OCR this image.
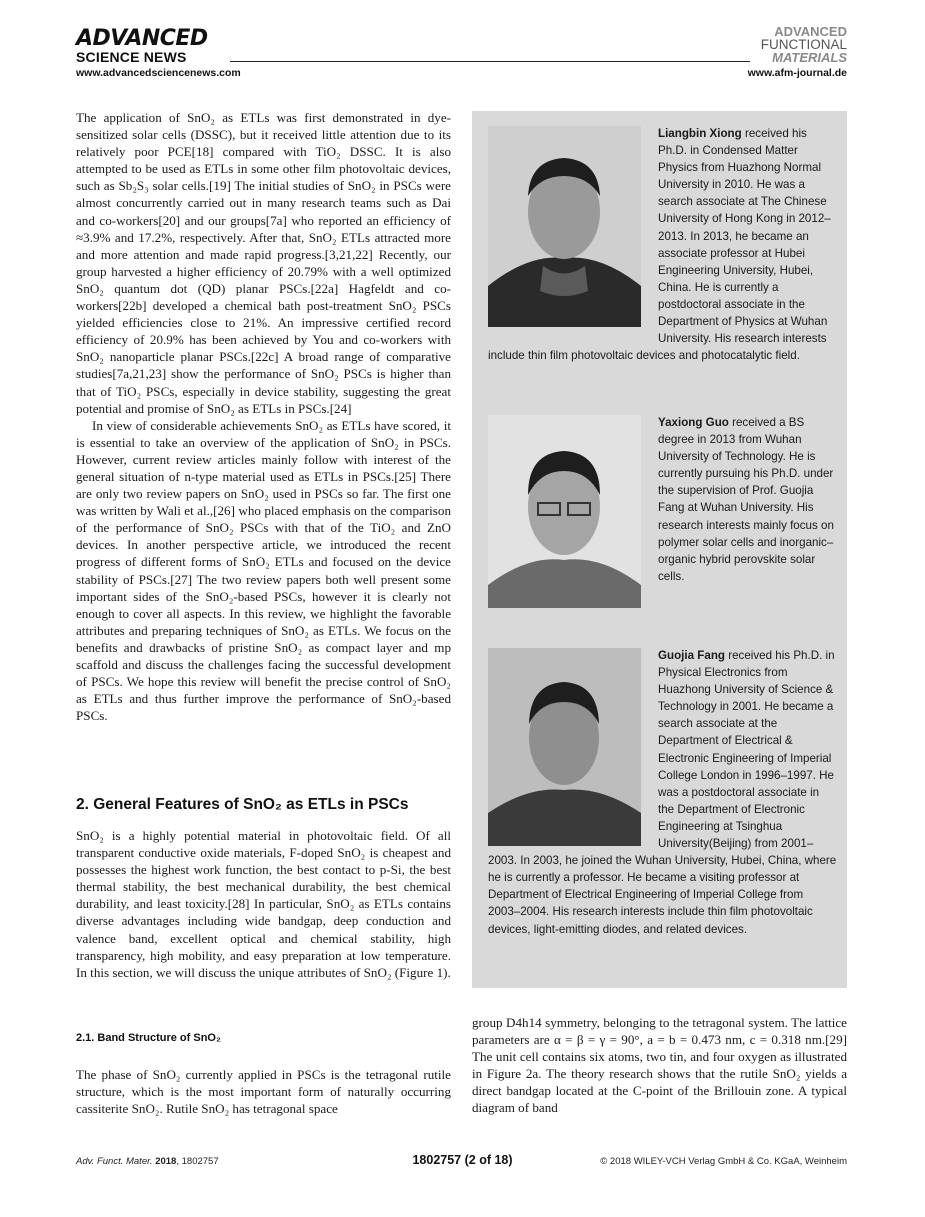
ADVANCED
SCIENCE NEWS
ADVANCED
FUNCTIONAL
MATERIALS
www.advancedsciencenews.com	www.afm-journal.de

The application of SnO₂ as ETLs was first demonstrated in dye-sensitized solar cells (DSSC), but it received little attention due to its relatively poor PCE[18] compared with TiO₂ DSSC. It is also attempted to be used as ETLs in some other film photovoltaic devices, such as Sb₂S₃ solar cells.[19] The initial studies of SnO₂ in PSCs were almost concurrently carried out in many research teams such as Dai and co-workers[20] and our groups[7a] who reported an efficiency of ≈3.9% and 17.2%, respectively. After that, SnO₂ ETLs attracted more and more attention and made rapid progress.[3,21,22] Recently, our group harvested a higher efficiency of 20.79% with a well optimized SnO₂ quantum dot (QD) planar PSCs.[22a] Hagfeldt and co-workers[22b] developed a chemical bath post-treatment SnO₂ PSCs yielded efficiencies close to 21%. An impressive certified record efficiency of 20.9% has been achieved by You and co-workers with SnO₂ nanoparticle planar PSCs.[22c] A broad range of comparative studies[7a,21,23] show the performance of SnO₂ PSCs is higher than that of TiO₂ PSCs, especially in device stability, suggesting the great potential and promise of SnO₂ as ETLs in PSCs.[24]

In view of considerable achievements SnO₂ as ETLs have scored, it is essential to take an overview of the application of SnO₂ in PSCs. However, current review articles mainly follow with interest of the general situation of n-type material used as ETLs in PSCs.[25] There are only two review papers on SnO₂ used in PSCs so far. The first one was written by Wali et al.,[26] who placed emphasis on the comparison of the performance of SnO₂ PSCs with that of the TiO₂ and ZnO devices. In another perspective article, we introduced the recent progress of different forms of SnO₂ ETLs and focused on the device stability of PSCs.[27] The two review papers both well present some important sides of the SnO₂-based PSCs, however it is clearly not enough to cover all aspects. In this review, we highlight the favorable attributes and preparing techniques of SnO₂ as ETLs. We focus on the benefits and drawbacks of pristine SnO₂ as compact layer and mp scaffold and discuss the challenges facing the successful development of PSCs. We hope this review will benefit the precise control of SnO₂ as ETLs and thus further improve the performance of SnO₂-based PSCs.

2. General Features of SnO₂ as ETLs in PSCs

SnO₂ is a highly potential material in photovoltaic field. Of all transparent conductive oxide materials, F-doped SnO₂ is cheapest and possesses the highest work function, the best contact to p-Si, the best thermal stability, the best mechanical durability, the best chemical durability, and least toxicity.[28] In particular, SnO₂ as ETLs contains diverse advantages including wide bandgap, deep conduction and valence band, excellent optical and chemical stability, high transparency, high mobility, and easy preparation at low temperature. In this section, we will discuss the unique attributes of SnO₂ (Figure 1).

2.1. Band Structure of SnO₂

The phase of SnO₂ currently applied in PSCs is the tetragonal rutile structure, which is the most important form of naturally occurring cassiterite SnO₂. Rutile SnO₂ has tetragonal space

group D4h14 symmetry, belonging to the tetragonal system. The lattice parameters are α = β = γ = 90°, a = b = 0.473 nm, c = 0.318 nm.[29] The unit cell contains six atoms, two tin, and four oxygen as illustrated in Figure 2a. The theory research shows that the rutile SnO₂ yields a direct bandgap located at the C-point of the Brillouin zone. A typical diagram of band

Liangbin Xiong received his Ph.D. in Condensed Matter Physics from Huazhong Normal University in 2010. He was a search associate at The Chinese University of Hong Kong in 2012–2013. In 2013, he became an associate professor at Hubei Engineering University, Hubei, China. He is currently a postdoctoral associate in the Department of Physics at Wuhan University. His research interests include thin film photovoltaic devices and photocatalytic field.
Yaxiong Guo received a BS degree in 2013 from Wuhan University of Technology. He is currently pursuing his Ph.D. under the supervision of Prof. Guojia Fang at Wuhan University. His research interests mainly focus on polymer solar cells and inorganic–organic hybrid perovskite solar cells.
Guojia Fang received his Ph.D. in Physical Electronics from Huazhong University of Science & Technology in 2001. He became a search associate at the Department of Electrical & Electronic Engineering of Imperial College London in 1996–1997. He was a postdoctoral associate in the Department of Electronic Engineering at Tsinghua University(Beijing) from 2001–2003. In 2003, he joined the Wuhan University, Hubei, China, where he is currently a professor. He became a visiting professor at Department of Electrical Engineering of Imperial College from 2003–2004. His research interests include thin film photovoltaic devices, light-emitting diodes, and related devices.
Adv. Funct. Mater. 2018, 1802757	1802757 (2 of 18)	© 2018 WILEY-VCH Verlag GmbH & Co. KGaA, Weinheim
